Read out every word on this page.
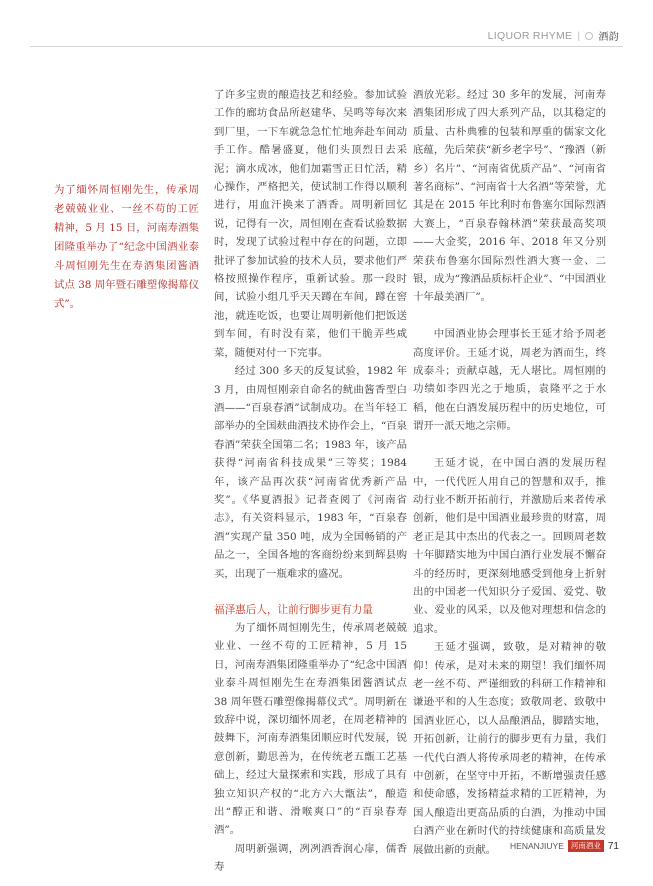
LIQUOR RHYME | 酒韵
为了缅怀周恒刚先生，传承周老兢兢业业、一丝不苟的工匠精神，5 月 15 日，河南寿酒集团隆重举办了“纪念中国酒业泰斗周恒刚先生在寿酒集团酱酒试点 38 周年暨石雕塑像揭幕仪式”。

了许多宝贵的酿造技艺和经验。参加试验工作的廊坊食品所赵建华、吴鸣等每次来到厂里，一下车就急急忙忙地奔赴车间动手工作。酷暑盛夏，他们头顶烈日去采泥；滴水成冰，他们加霜雪正日忙活，精心操作，严格把关，使试制工作得以顺利进行，用血汗换来了酒香。周明新回忆说，记得有一次，周恒刚在查看试验数据时，发现了试验过程中存在的问题，立即批评了参加试验的技术人员，要求他们严格按照操作程序，重新试验。那一段时间，试验小组几乎天天蹲在车间，蹲在窖池，就连吃饭，也要让周明新他们把饭送到车间，有时没有菜，他们干脆弄些咸菜，随便对付一下完事。

经过 300 多天的反复试验，1982 年 3 月，由周恒刚亲自命名的鱿曲酱香型白酒——“百泉春酒”试制成功。在当年轻工部举办的全国麸曲酒技术协作会上，“百泉春酒”荣获全国第二名；1983 年，该产品获得“河南省科技成果”三等奖；1984 年，该产品再次获“河南省优秀新产品奖”。《华夏酒报》记者查阅了《河南省志》，有关资料显示，1983 年，“百泉春酒”实现产量 350 吨，成为全国畅销的产品之一，全国各地的客商纷纷来到辉县购买，出现了一瓶难求的盛况。

福泽惠后人，让前行脚步更有力量

为了缅怀周恒刚先生，传承周老兢兢业业、一丝不苟的工匠精神，5 月 15 日，河南寿酒集团隆重举办了“纪念中国酒业泰斗周恒刚先生在寿酒集团酱酒试点 38 周年暨石雕塑像揭幕仪式”。周明新在致辞中说，深切缅怀周老，在周老精神的鼓舞下，河南寿酒集团顺应时代发展，锐意创新，勤思善为，在传统老五甑工艺基础上，经过大量探索和实践，形成了具有独立知识产权的“北方六大甑法”，酿造出“醇正和谐、滑喉爽口”的“百泉春寿酒”。

周明新强调，冽冽酒香润心扉，儒香寿

酒放光彩。经过 30 多年的发展，河南寿酒集团形成了四大系列产品，以其稳定的质量、古朴典雅的包装和厚重的儒家文化底蕴，先后荣获“新乡老字号”、“豫酒（新乡）名片”、“河南省优质产品”、“河南省著名商标”、“河南省十大名酒”等荣誉，尤其是在 2015 年比利时布鲁塞尔国际烈酒大赛上，“百泉春翰林酒”荣获最高奖项——大金奖，2016 年、2018 年又分别荣获布鲁塞尔国际烈性酒大赛一金、二银，成为“豫酒品质标杆企业”、“中国酒业十年最美酒厂”。

中国酒业协会理事长王延才给予周老高度评价。王延才说，周老为酒而生，终成泰斗；贡献卓越，无人堪比。周恒刚的功绩如李四光之于地质，袁隆平之于水稻，他在白酒发展历程中的历史地位，可谓开一派天地之宗师。

王延才说，在中国白酒的发展历程中，一代代匠人用自己的智慧和双手，推动行业不断开拓前行，并激励后来者传承创新，他们是中国酒业最珍贵的财富，周老正是其中杰出的代表之一。回顾周老数十年脚踏实地为中国白酒行业发展不懈奋斗的经历时，更深刻地感受到他身上折射出的中国老一代知识分子爱国、爱党、敬业、爱业的风采，以及他对理想和信念的追求。

王延才强调，致敬，是对精神的敬仰！传承，是对未来的期望！我们缅怀周老一丝不苟、严谨细致的科研工作精神和谦逊平和的人生态度；致敬周老、致敬中国酒业匠心，以人品酿酒品，脚踏实地，开拓创新，让前行的脚步更有力量，我们一代代白酒人将传承周老的精神，在传承中创新，在坚守中开拓，不断增强责任感和使命感，发扬精益求精的工匠精神，为国人酿造出更高品质的白酒，为推动中国白酒产业在新时代的持续健康和高质量发展做出新的贡献。	HENANJIUYE 河南酒业 71
